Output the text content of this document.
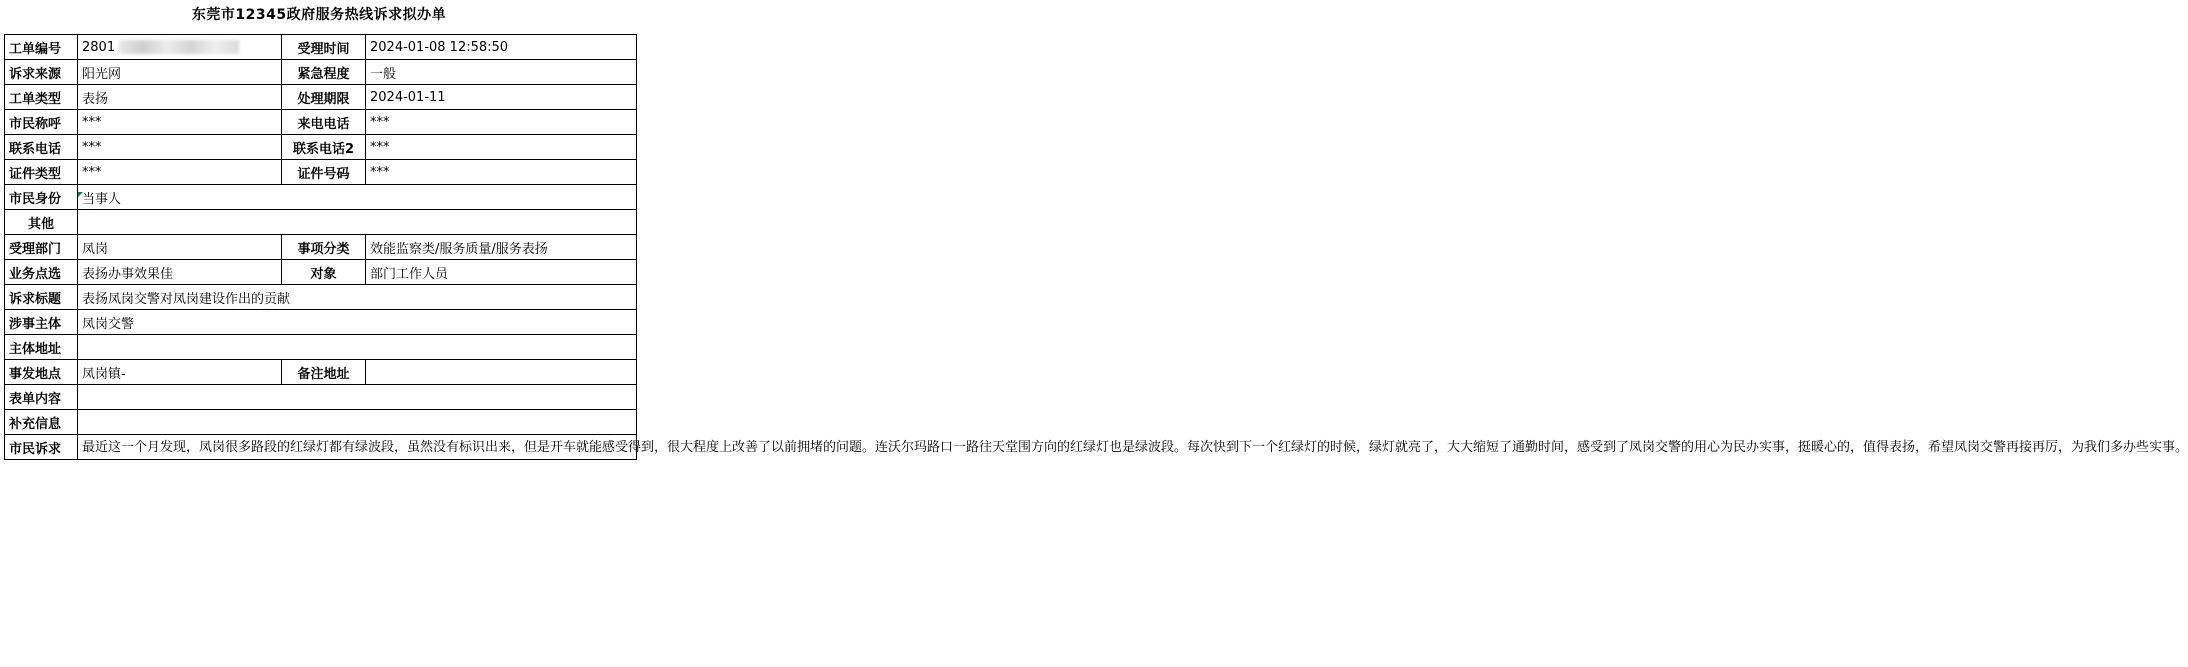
东莞市12345政府服务热线诉求拟办单
工单编号	2801	受理时间	2024-01-08 12:58:50
诉求来源	阳光网	紧急程度	一般
工单类型	表扬	处理期限	2024-01-11
市民称呼	***	来电电话	***
联系电话	***	联系电话2	***
证件类型	***	证件号码	***
市民身份	当事人		
其他			
受理部门	凤岗	事项分类	效能监察类/服务质量/服务表扬
业务点选	表扬办事效果佳	对象	部门工作人员
诉求标题	表扬凤岗交警对凤岗建设作出的贡献		
涉事主体	凤岗交警		
主体地址			
事发地点	凤岗镇-	备注地址	
表单内容			
补充信息			
市民诉求	最近这一个月发现，凤岗很多路段的红绿灯都有绿波段，虽然没有标识出来，但是开车就能感受得到，很大程度上改善了以前拥堵的问题。连沃尔玛路口一路往天堂围方向的红绿灯也是绿波段。每次快到下一个红绿灯的时候，绿灯就亮了，大大缩短了通勤时间，感受到了凤岗交警的用心为民办实事，挺暖心的，值得表扬，希望凤岗交警再接再厉，为我们多办些实事。		
